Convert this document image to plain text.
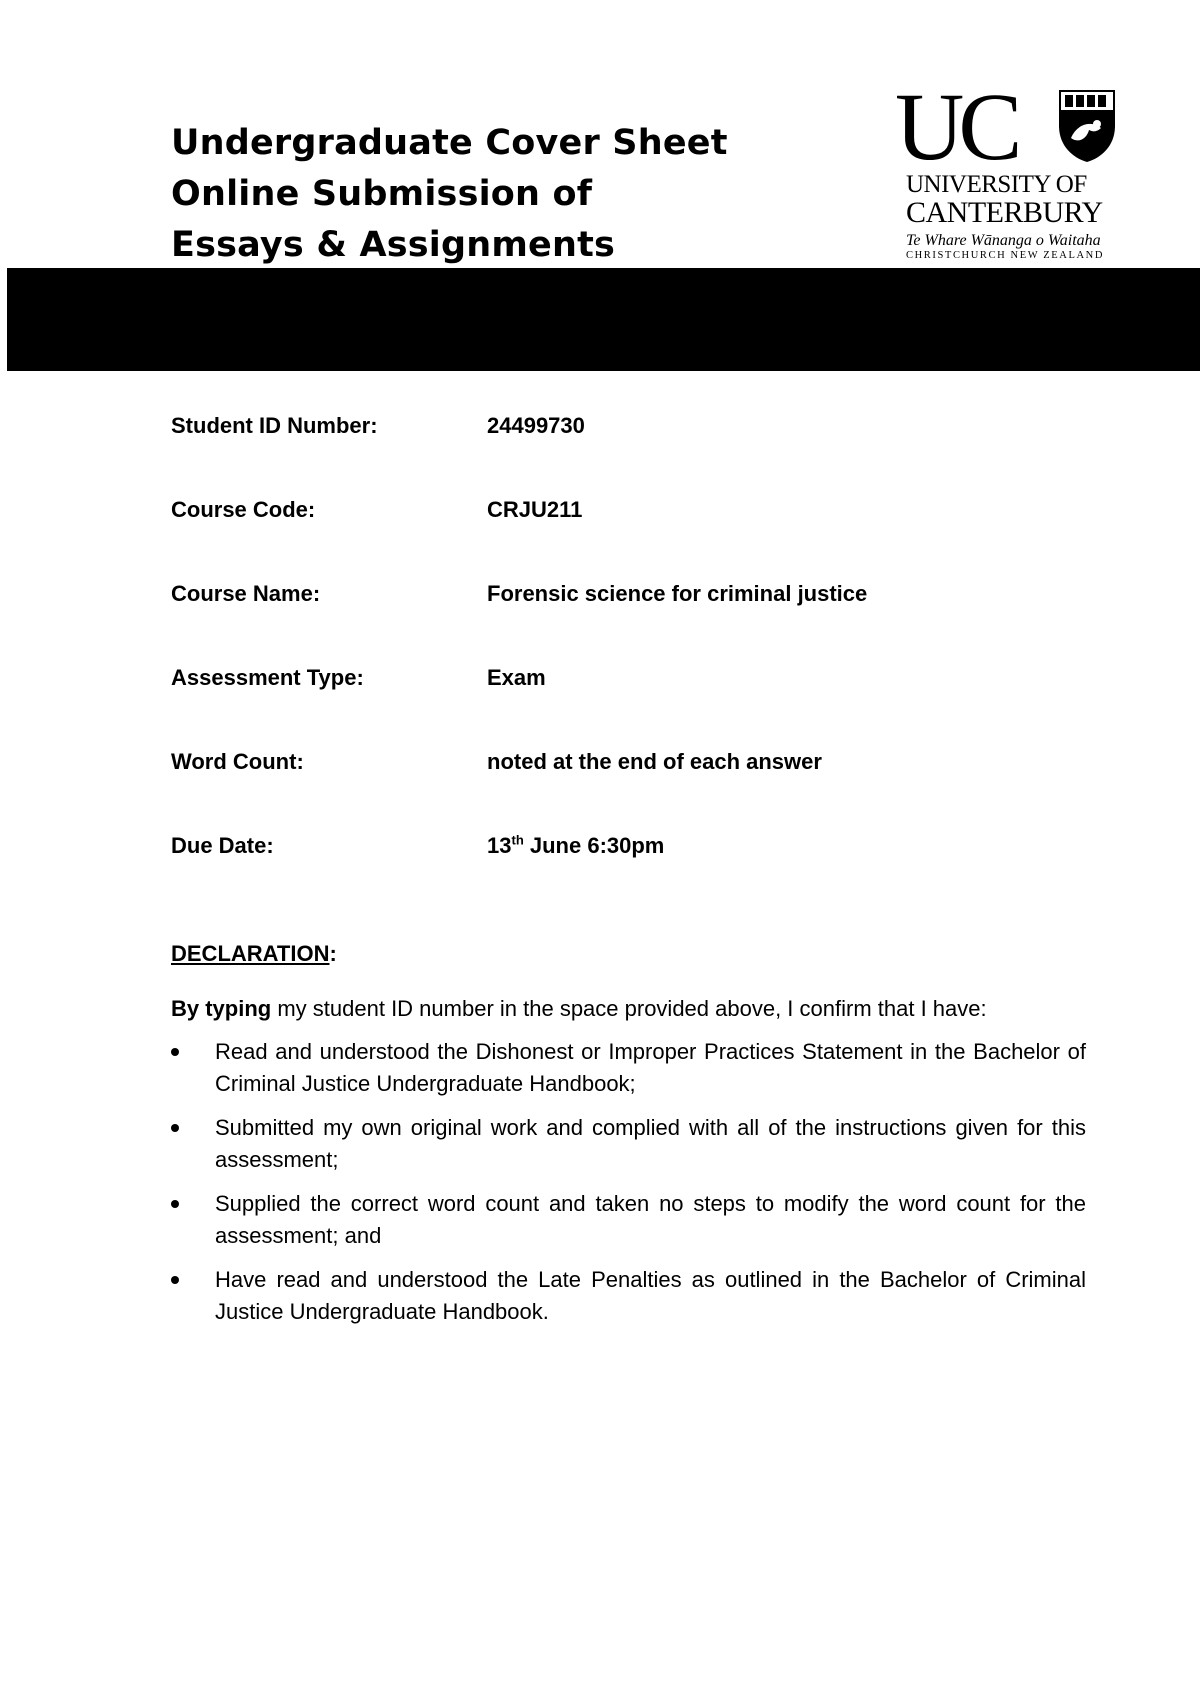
Undergraduate Cover Sheet
Online Submission of
Essays & Assignments
UC
UNIVERSITY OF
CANTERBURY
Te Whare Wānanga o Waitaha
CHRISTCHURCH NEW ZEALAND
Student ID Number:	24499730
Course Code:	CRJU211
Course Name:	Forensic science for criminal justice
Assessment Type:	Exam
Word Count:	noted at the end of each answer
Due Date:	13th June 6:30pm
DECLARATION:
By typing my student ID number in the space provided above, I confirm that I have:
Read and understood the Dishonest or Improper Practices Statement in the Bachelor of Criminal Justice Undergraduate Handbook;
Submitted my own original work and complied with all of the instructions given for this assessment;
Supplied the correct word count and taken no steps to modify the word count for the assessment; and
Have read and understood the Late Penalties as outlined in the Bachelor of Criminal Justice Undergraduate Handbook.
